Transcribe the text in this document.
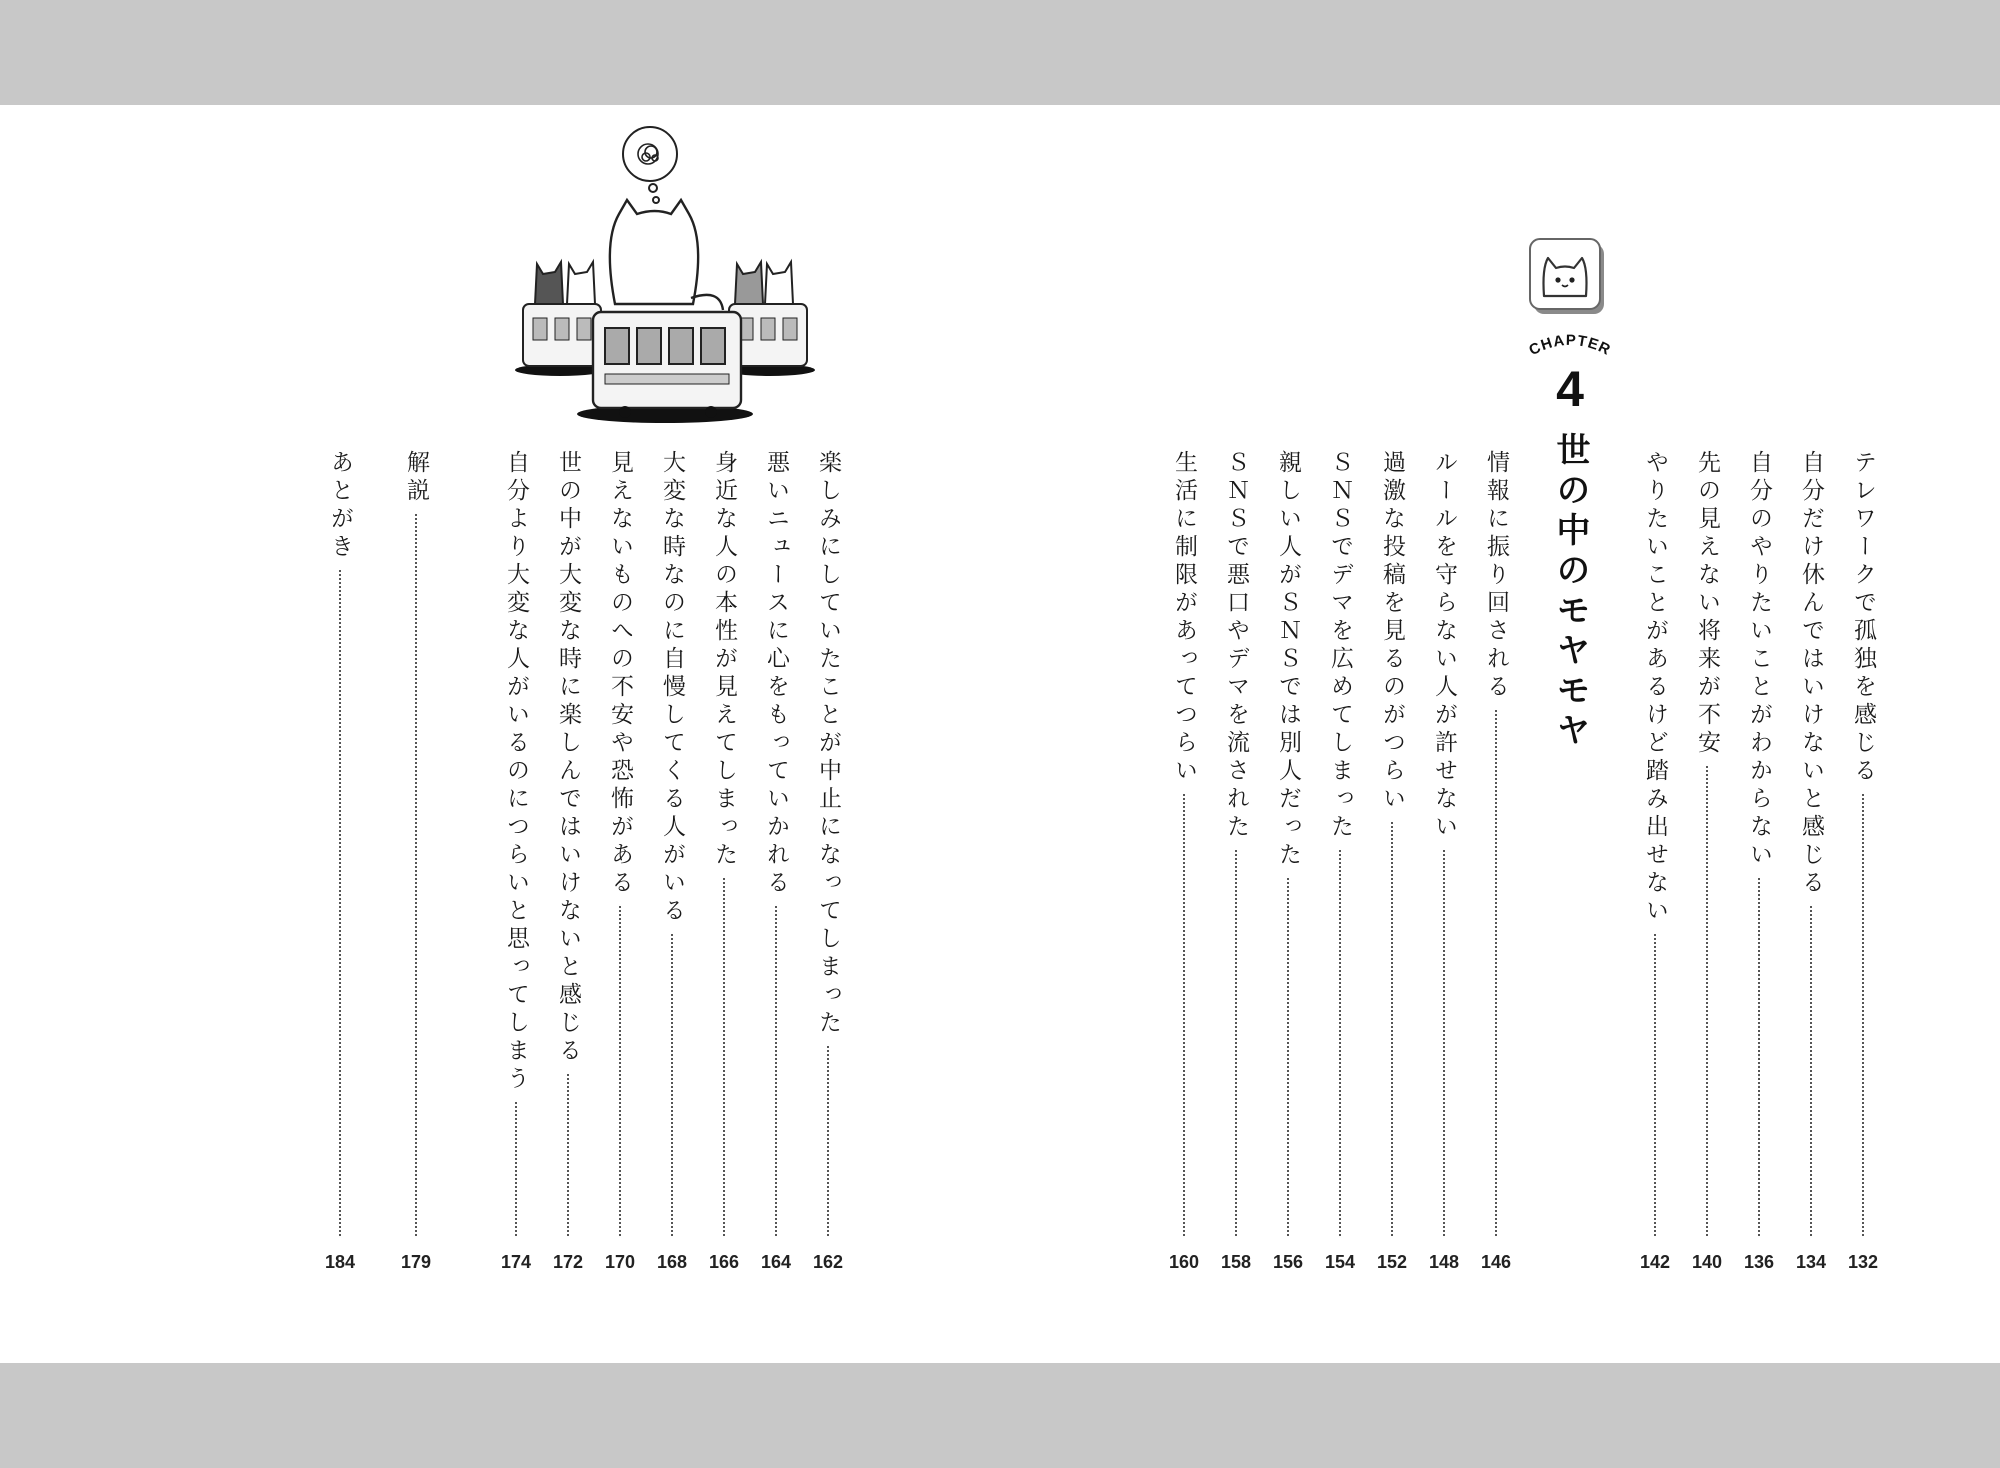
CHAPTER
4
世の中のモヤモヤ	テレワークで孤独を感じる
132
自分だけ休んではいけないと感じる
134
自分のやりたいことがわからない
136
先の見えない将来が不安
140
やりたいことがあるけど踏み出せない
142
情報に振り回される
146
ルールを守らない人が許せない
148
過激な投稿を見るのがつらい
152
ＳＮＳでデマを広めてしまった
154
親しい人がＳＮＳでは別人だった
156
ＳＮＳで悪口やデマを流された
158
生活に制限があってつらい
160
楽しみにしていたことが中止になってしまった
162
悪いニュースに心をもっていかれる
164
身近な人の本性が見えてしまった
166
大変な時なのに自慢してくる人がいる
168
見えないものへの不安や恐怖がある
170
世の中が大変な時に楽しんではいけないと感じる
172
自分より大変な人がいるのにつらいと思ってしまう
174
解説
179
あとがき
184
